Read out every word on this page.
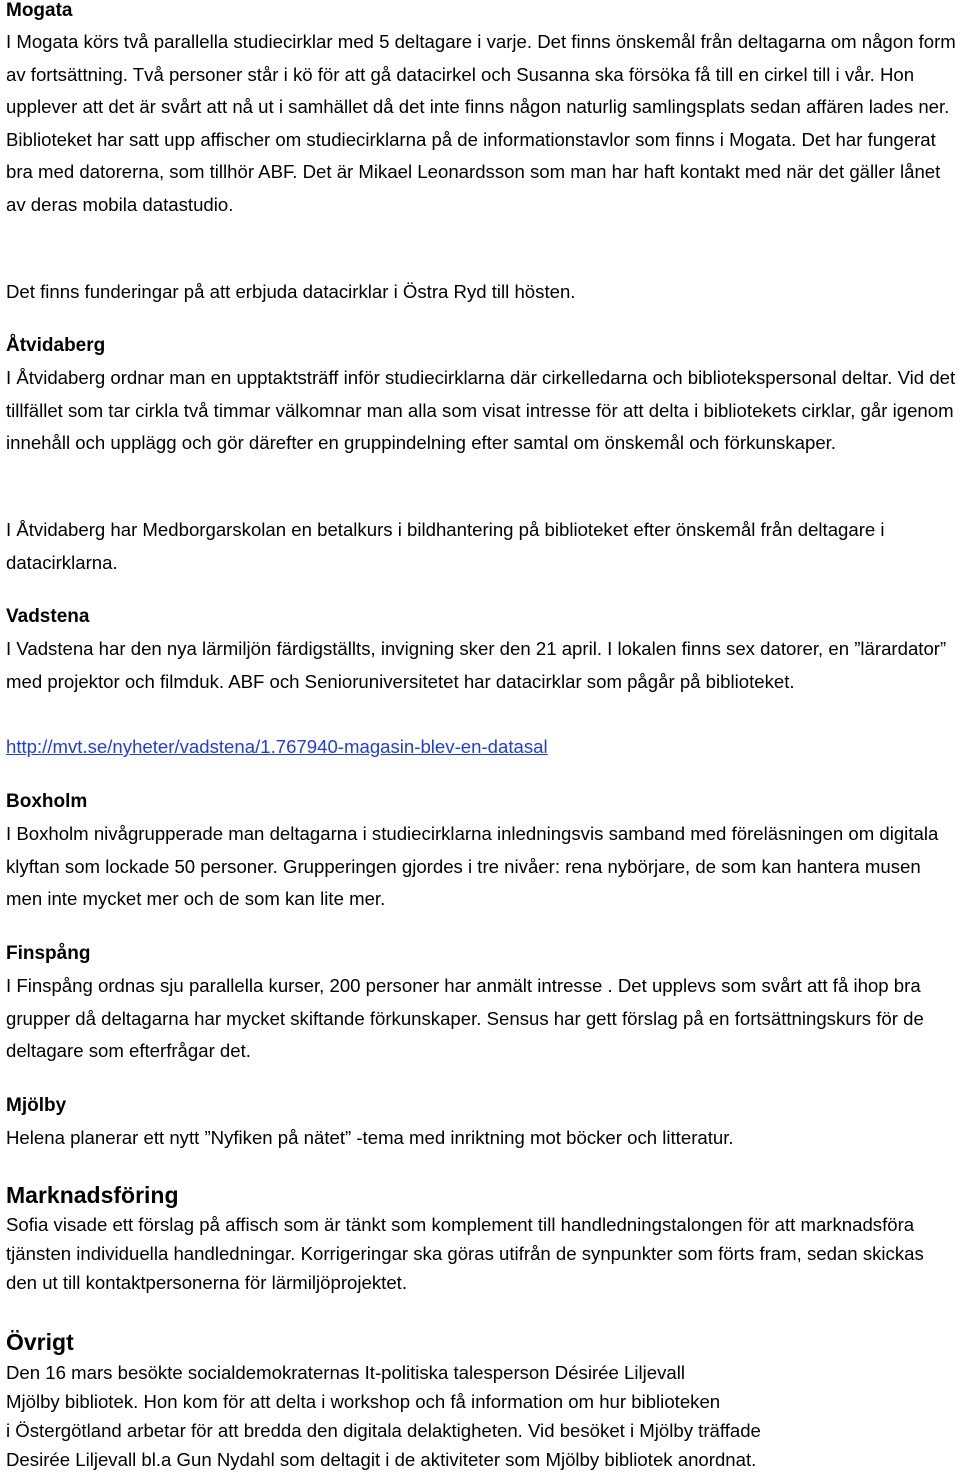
Mogata

I Mogata körs två parallella studiecirklar med 5 deltagare i varje. Det finns önskemål från deltagarna om någon form av fortsättning. Två personer står i kö för att gå datacirkel och Susanna ska försöka få till en cirkel till i vår. Hon upplever att det är svårt att nå ut i samhället då det inte finns någon naturlig samlingsplats sedan affären lades ner. Biblioteket har satt upp affischer om studiecirklarna på de informationstavlor som finns i Mogata. Det har fungerat bra med datorerna, som tillhör ABF. Det är Mikael Leonardsson som man har haft kontakt med när det gäller lånet av deras mobila datastudio.

Det finns funderingar på att erbjuda datacirklar i Östra Ryd till hösten.

Åtvidaberg

I Åtvidaberg ordnar man en upptaktsträff inför studiecirklarna där cirkelledarna och bibliotekspersonal deltar. Vid det tillfället som tar cirkla två timmar välkomnar man alla som visat intresse för att delta i bibliotekets cirklar, går igenom innehåll och upplägg och gör därefter en gruppindelning efter samtal om önskemål och förkunskaper.

I Åtvidaberg har Medborgarskolan en betalkurs i bildhantering på biblioteket efter önskemål från deltagare i datacirklarna.

Vadstena

I Vadstena har den nya lärmiljön färdigställts, invigning sker den 21 april. I lokalen finns sex datorer, en ”lärardator” med projektor och filmduk. ABF och Senioruniversitetet har datacirklar som pågår på biblioteket.

http://mvt.se/nyheter/vadstena/1.767940-magasin-blev-en-datasal
Boxholm

I Boxholm nivågrupperade man deltagarna i studiecirklarna inledningsvis samband med föreläsningen om digitala klyftan som lockade 50 personer. Grupperingen gjordes i tre nivåer: rena nybörjare, de som kan hantera musen men inte mycket mer och de som kan lite mer.

Finspång

I Finspång ordnas sju parallella kurser, 200 personer har anmält intresse . Det upplevs som svårt att få ihop bra grupper då deltagarna har mycket skiftande förkunskaper. Sensus har gett förslag på en fortsättningskurs för de deltagare som efterfrågar det.

Mjölby

Helena planerar ett nytt ”Nyfiken på nätet” -tema med inriktning mot böcker och litteratur.

Marknadsföring

Sofia visade ett förslag på affisch som är tänkt som komplement till handledningstalongen för att marknadsföra tjänsten individuella handledningar. Korrigeringar ska göras utifrån de synpunkter som förts fram, sedan skickas den ut till kontaktpersonerna för lärmiljöprojektet.

Övrigt
Den 16 mars besökte socialdemokraternas It-politiska talesperson Désirée Liljevall
Mjölby bibliotek. Hon kom för att delta i workshop och få information om hur biblioteken
i Östergötland arbetar för att bredda den digitala delaktigheten. Vid besöket i Mjölby träffade
Desirée Liljevall bl.a Gun Nydahl som deltagit i de aktiviteter som Mjölby bibliotek anordnat.
